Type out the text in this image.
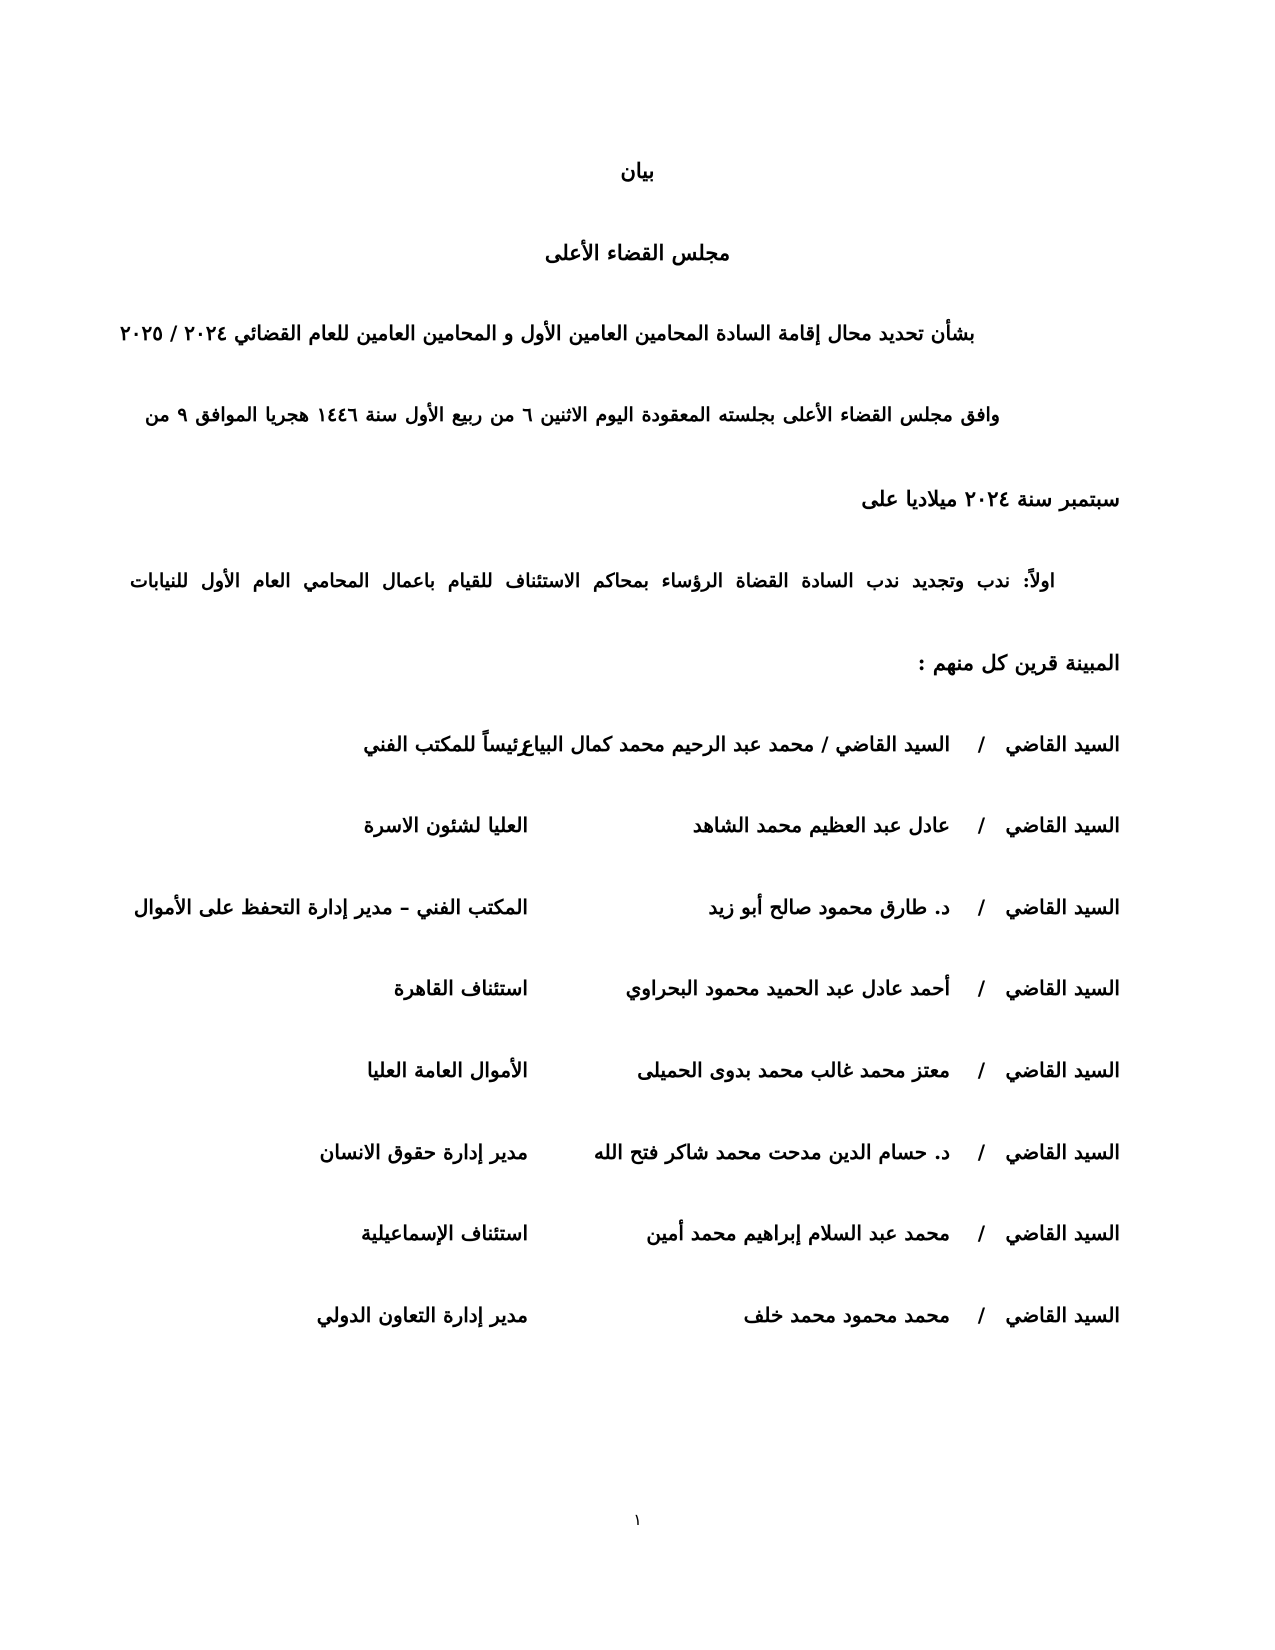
بيان
مجلس القضاء الأعلى
بشأن تحديد محال إقامة السادة المحامين العامين الأول و المحامين العامين للعام القضائي ٢٠٢٤ / ٢٠٢٥
وافق مجلس القضاء الأعلى بجلسته المعقودة اليوم الاثنين ٦ من ربيع الأول سنة ١٤٤٦ هجريا الموافق ٩ من
سبتمبر سنة ٢٠٢٤ ميلاديا على
اولاً: ندب وتجديد ندب السادة القضاة الرؤساء بمحاكم الاستئناف للقيام باعمال المحامي العام الأول للنيابات
المبينة قرين كل منهم :
السيد القاضي
/
السيد القاضي / محمد عبد الرحيم محمد كمال البياع
رئيساً للمكتب الفني
السيد القاضي
/
عادل عبد العظيم محمد الشاهد
العليا لشئون الاسرة
السيد القاضي
/
د. طارق محمود صالح أبو زيد
المكتب الفني – مدير إدارة التحفظ على الأموال
السيد القاضي
/
أحمد عادل عبد الحميد محمود البحراوي
استئناف القاهرة
السيد القاضي
/
معتز محمد غالب محمد بدوى الحميلى
الأموال العامة العليا
السيد القاضي
/
د. حسام الدين مدحت محمد شاكر فتح الله
مدير إدارة حقوق الانسان
السيد القاضي
/
محمد عبد السلام إبراهيم محمد أمين
استئناف الإسماعيلية
السيد القاضي
/
محمد محمود محمد خلف
مدير إدارة التعاون الدولي
١
